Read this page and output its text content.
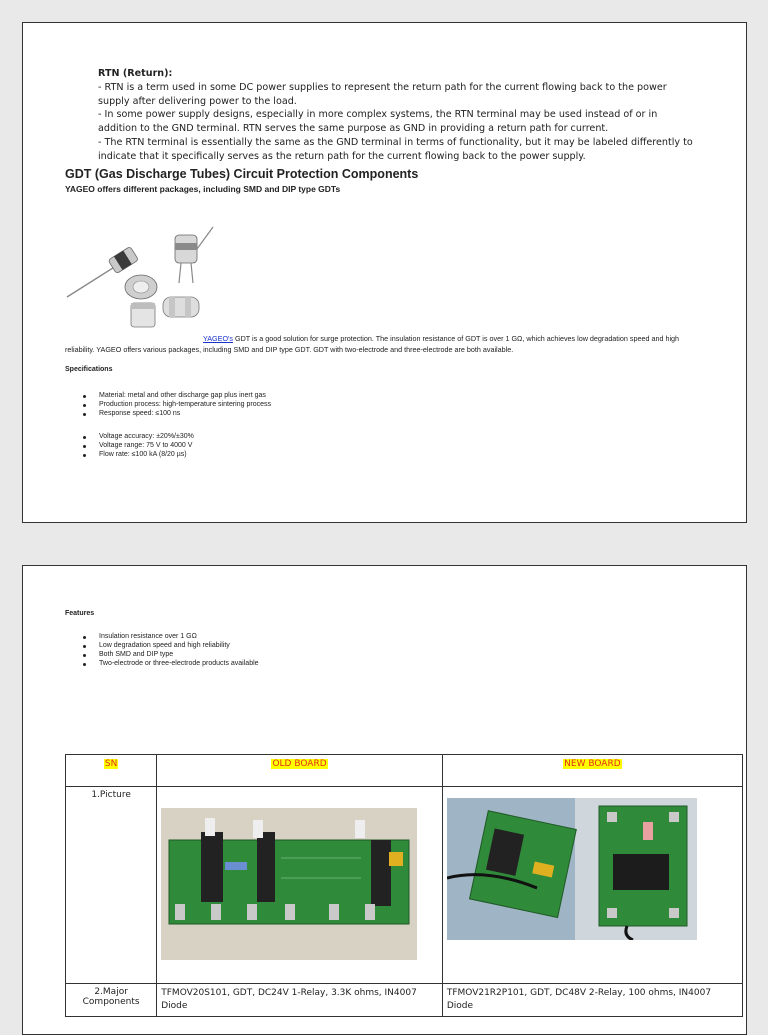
RTN (Return):

- RTN is a term used in some DC power supplies to represent the return path for the current flowing back to the power supply after delivering power to the load.

- In some power supply designs, especially in more complex systems, the RTN terminal may be used instead of or in addition to the GND terminal. RTN serves the same purpose as GND in providing a return path for current.

- The RTN terminal is essentially the same as the GND terminal in terms of functionality, but it may be labeled differently to indicate that it specifically serves as the return path for the current flowing back to the power supply.

GDT (Gas Discharge Tubes) Circuit Protection Components
YAGEO offers different packages, including SMD and DIP type GDTs
YAGEO's GDT is a good solution for surge protection. The insulation resistance of GDT is over 1 GΩ, which achieves low degradation speed and high reliability. YAGEO offers various packages, including SMD and DIP type GDT. GDT with two-electrode and three-electrode are both available.
Specifications
Material: metal and other discharge gap plus inert gas
Production process: high-temperature sintering process
Response speed: ≤100 ns
Voltage accuracy: ±20%/±30%
Voltage range: 75 V to 4000 V
Flow rate: ≤100 kA (8/20 µs)
Features
Insulation resistance over 1 GΩ
Low degradation speed and high reliability
Both SMD and DIP type
Two-electrode or three-electrode products available
SN	OLD BOARD	NEW BOARD
1.Picture	

2.Major Components	TFMOV20S101, GDT, DC24V 1-Relay, 3.3K ohms, IN4007 Diode	TFMOV21R2P101, GDT, DC48V 2-Relay, 100 ohms, IN4007 Diode
